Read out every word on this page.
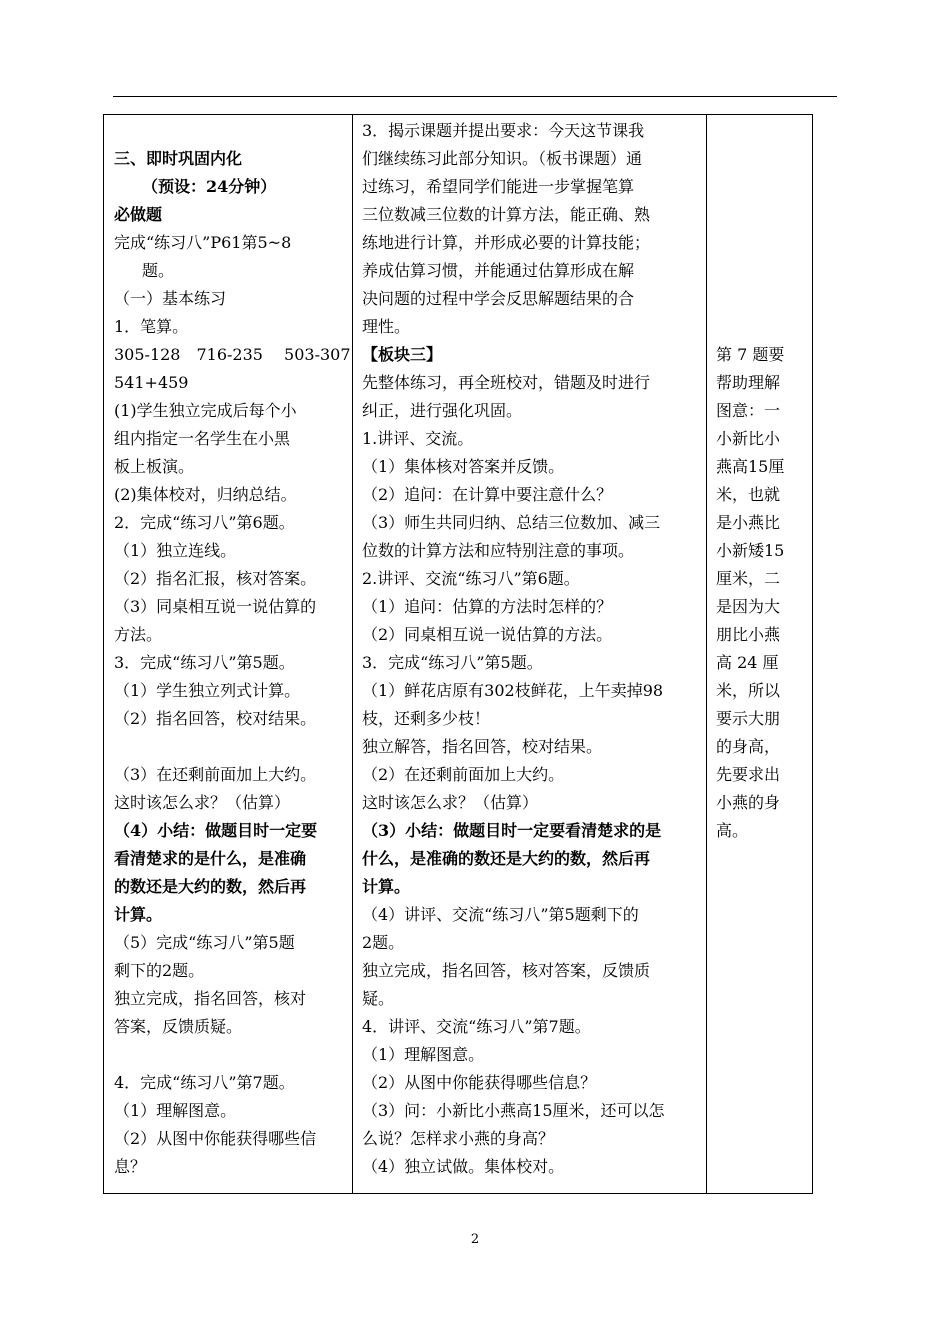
三、即时巩固内化
（预设：24分钟）
必做题
完成“练习八”P61第5~8
题。
（一）基本练习
1．笔算。
305-128　716-235　 503-307
541+459
(1)学生独立完成后每个小
组内指定一名学生在小黑
板上板演。
(2)集体校对，归纳总结。
2．完成“练习八”第6题。
（1）独立连线。
（2）指名汇报，核对答案。
（3）同桌相互说一说估算的
方法。
3．完成“练习八”第5题。
（1）学生独立列式计算。
（2）指名回答，校对结果。
（3）在还剩前面加上大约。
这时该怎么求？（估算）
（4）小结：做题目时一定要
看清楚求的是什么，是准确
的数还是大约的数，然后再
计算。
（5）完成“练习八”第5题
剩下的2题。
独立完成，指名回答，核对
答案，反馈质疑。
4．完成“练习八”第7题。
（1）理解图意。
（2）从图中你能获得哪些信
息？
3．揭示课题并提出要求：今天这节课我
们继续练习此部分知识。（板书课题）通
过练习，希望同学们能进一步掌握笔算
三位数减三位数的计算方法，能正确、熟
练地进行计算，并形成必要的计算技能；
养成估算习惯，并能通过估算形成在解
决问题的过程中学会反思解题结果的合
理性。
【板块三】
先整体练习，再全班校对，错题及时进行
纠正，进行强化巩固。
1.讲评、交流。
（1）集体核对答案并反馈。
（2）追问：在计算中要注意什么？
（3）师生共同归纳、总结三位数加、减三
位数的计算方法和应特别注意的事项。
2.讲评、交流“练习八”第6题。
（1）追问：估算的方法时怎样的？
（2）同桌相互说一说估算的方法。
3．完成“练习八”第5题。
（1）鲜花店原有302枝鲜花，上午卖掉98
枝，还剩多少枝！
独立解答，指名回答，校对结果。
（2）在还剩前面加上大约。
这时该怎么求？（估算）
（3）小结：做题目时一定要看清楚求的是
什么，是准确的数还是大约的数，然后再
计算。
（4）讲评、交流“练习八”第5题剩下的
2题。
独立完成，指名回答，核对答案，反馈质
疑。
4．讲评、交流“练习八”第7题。
（1）理解图意。
（2）从图中你能获得哪些信息？
（3）问：小新比小燕高15厘米，还可以怎
么说？怎样求小燕的身高？
（4）独立试做。集体校对。
第 7 题要
帮助理解
图意：一
小新比小
燕高15厘
米，也就
是小燕比
小新矮15
厘米，二
是因为大
朋比小燕
高 24 厘
米，所以
要示大朋
的身高，
先要求出
小燕的身
高。
2
